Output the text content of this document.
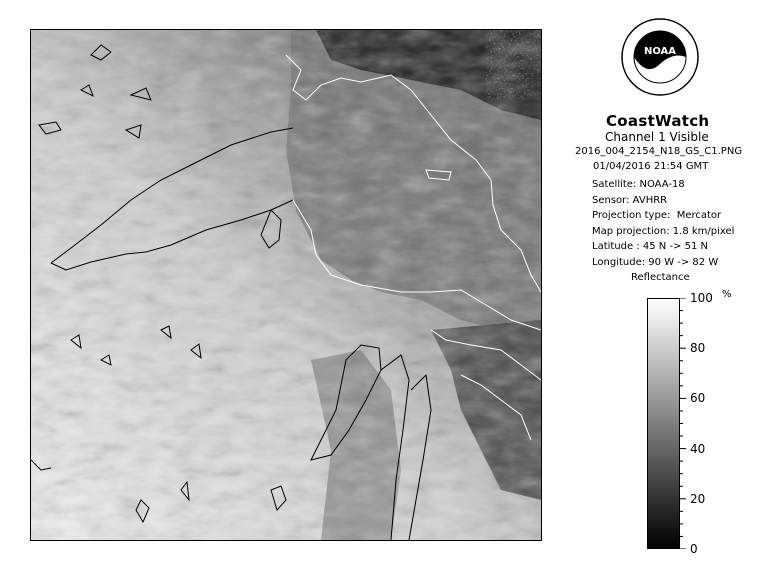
NOAA
CoastWatch
Channel 1 Visible
2016_004_2154_N18_GS_C1.PNG
01/04/2016 21:54 GMT
Satellite: NOAA-18
Sensor: AVHRR
Projection type:  Mercator
Map projection: 1.8 km/pixel
Latitude : 45 N -> 51 N
Longitude: 90 W -> 82 W
Reflectance
%
100
80
60
40
20
0
